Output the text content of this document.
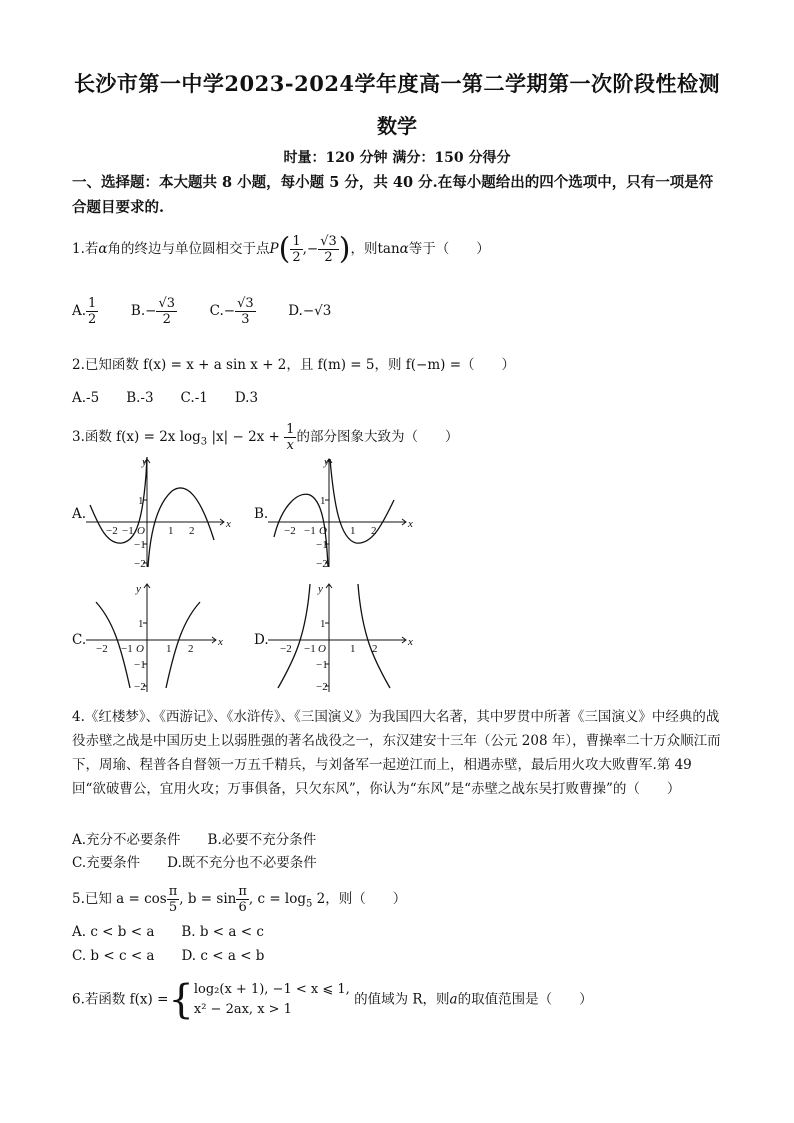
长沙市第一中学2023-2024学年度高一第二学期第一次阶段性检测
数学
时量：120 分钟 满分：150 分得分
一、选择题：本大题共 8 小题，每小题 5 分，共 40 分.在每小题给出的四个选项中，只有一项是符合题目要求的.
1.若α角的终边与单位圆相交于点$P( \frac{1}{2}$ ,− $\frac{√3}{2}$ )，则tanα等于（　　）
A. $\frac{1}{2} B.- \frac{√3}{2} C.- \frac{√3}{3} D.-√3$
2.已知函数 f(x) = x + a sin x + 2，且 f(m) = 5，则 f(−m) =（　　）
A.-5　　B.-3　　C.-1　　D.3
3.函数 f(x) = 2x $\log_3 |x| - 2x + \frac{1}{x}$ 的部分图象大致为（　　）
A.	B.
C.	D.
−2 −1	1 2
x
y
O
1
−1
−2
−2 −1	1 2
x
y
O
1
−1
−2
−2 −1	1 2
x
y
O
1
−1
−2
−2 −1	1 2
x
y
O
1
−1
−2
4.《红楼梦》、《西游记》、《水浒传》、《三国演义》为我国四大名著，其中罗贯中所著《三国演义》中经典的战役赤壁之战是中国历史上以弱胜强的著名战役之一，东汉建安十三年（公元 208 年），曹操率二十万众顺江而下，周瑜、程普各自督领一万五千精兵，与刘备军一起逆江而上，相遇赤壁，最后用火攻大败曹军.第 49 回“欲破曹公，宜用火攻；万事俱备，只欠东风”，你认为“东风”是“赤壁之战东吴打败曹操”的（　　）
A.充分不必要条件　　B.必要不充分条件
C.充要条件　　D.既不充分也不必要条件
5.已知 $a = \cos \frac{\pi}{5}$ , $b = \sin \frac{\pi}{6}$ , $c = \log_5 2$，则（　　）
A. c < b < a　　B. b < a < c
C. b < c < a　　D. c < a < b
6.若函数 f(x) ={ log₂(x + 1), −1 < x ⩽ 1,
x² − 2ax, x > 1
的值域为 R，则a的取值范围是（　　）
